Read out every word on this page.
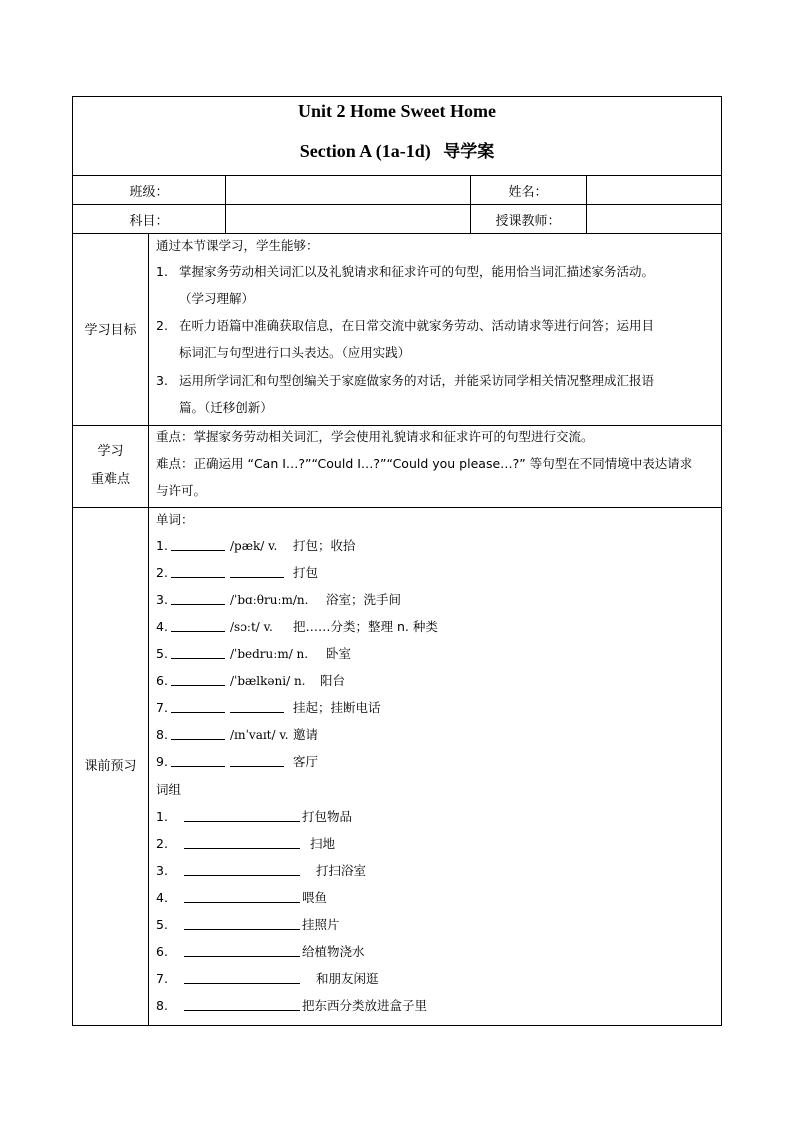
Unit 2 Home Sweet Home
Section A (1a-1d) 导学案
班级：	姓名：
科目：	授课教师：
学习目标
通过本节课学习，学生能够：
1. 掌握家务劳动相关词汇以及礼貌请求和征求许可的句型，能用恰当词汇描述家务活动。
（学习理解）
2. 在听力语篇中准确获取信息，在日常交流中就家务劳动、活动请求等进行问答；运用目
标词汇与句型进行口头表达。（应用实践）
3. 运用所学词汇和句型创编关于家庭做家务的对话，并能采访同学相关情况整理成汇报语
篇。（迁移创新）
学习
重难点
重点：掌握家务劳动相关词汇，学会使用礼貌请求和征求许可的句型进行交流。
难点：正确运用 “Can I…?”“Could I…?”“Could you please…?” 等句型在不同情境中表达请求
与许可。
课前预习
单词：
1.	/pæk/ v. 打包；收拾
2.	打包
3.	/ˈbɑːθruːm/n. 浴室；洗手间
4.	/sɔːt/ v. 把……分类；整理 n. 种类
5.	/ˈbedruːm/ n. 卧室
6.	/ˈbælkəni/ n. 阳台
7.	挂起；挂断电话
8.	/ɪnˈvaɪt/ v. 邀请
9.	客厅
词组
1.	打包物品
2.	扫地
3.	打扫浴室
4.	喂鱼
5.	挂照片
6.	给植物浇水
7.	和朋友闲逛
8.	把东西分类放进盒子里
